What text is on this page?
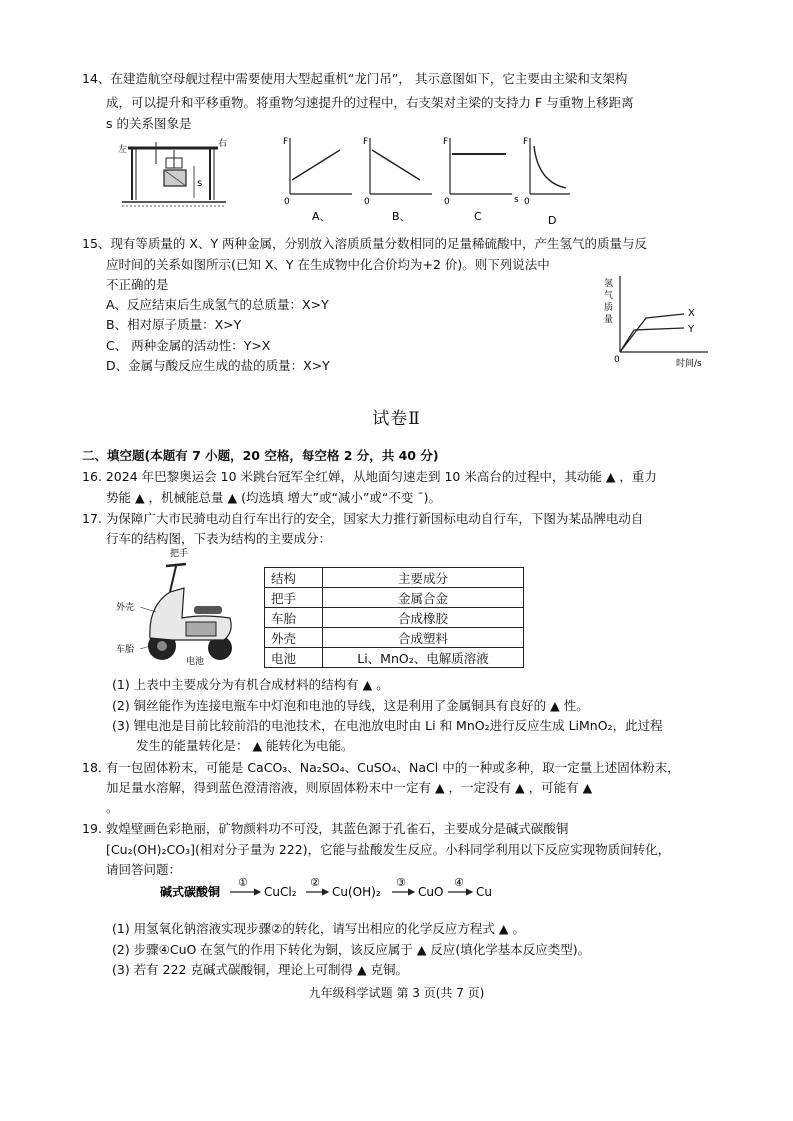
14、在建造航空母舰过程中需要使用大型起重机“龙门吊”， 其示意图如下，它主要由主梁和支架构
成，可以提升和平移重物。将重物匀速提升的过程中，右支架对主梁的支持力 F 与重物上移距离
s 的关系图象是
s
左
右	F
0
A、
F
0
B、
F
0	s
C
F
0
D
15、现有等质量的 X、Y 两种金属，分别放入溶质质量分数相同的足量稀硫酸中，产生氢气的质量与反
应时间的关系如图所示(已知 X、Y 在生成物中化合价均为+2 价)。则下列说法中
不正确的是
A、反应结束后生成氢气的总质量：X>Y
B、相对原子质量：X>Y
C、 两种金属的活动性：Y>X
D、金属与酸反应生成的盐的质量：X>Y
氢
气
质
量
X
Y
0	时间/s
试卷Ⅱ
二、填空题(本题有 7 小题，20 空格，每空格 2 分，共 40 分)
16. 2024 年巴黎奥运会 10 米跳台冠军全红婵，从地面匀速走到 10 米高台的过程中，其动能 ▲ ，重力
势能 ▲ ，机械能总量 ▲ (均选填 增大”或“减小”或“不变 ˉ)。
17. 为保障广大市民骑电动自行车出行的安全，国家大力推行新国标电动自行车，下图为某品牌电动自
行车的结构图，下表为结构的主要成分：
把手
外壳
车胎
电池
结构	主要成分
把手	金属合金
车胎	合成橡胶
外壳	合成塑料
电池	Li、MnO₂、电解质溶液
(1) 上表中主要成分为有机合成材料的结构有 ▲ 。
(2) 铜丝能作为连接电瓶车中灯泡和电池的导线，这是利用了金属铜具有良好的 ▲ 性。
(3) 锂电池是目前比较前沿的电池技术，在电池放电时由 Li 和 MnO₂进行反应生成 LiMnO₂，此过程
发生的能量转化是： ▲ 能转化为电能。
18. 有一包固体粉末，可能是 CaCO₃、Na₂SO₄、CuSO₄、NaCl 中的一种或多种，取一定量上述固体粉末，
加足量水溶解，得到蓝色澄清溶液，则原固体粉末中一定有 ▲ ，一定没有 ▲ ，可能有 ▲
。
19. 敦煌壁画色彩艳丽，矿物颜料功不可没，其蓝色源于孔雀石，主要成分是碱式碳酸铜
[Cu₂(OH)₂CO₃](相对分子量为 222)，它能与盐酸发生反应。小科同学利用以下反应实现物质间转化，
请回答问题：
碱式碳酸铜
①
CuCl₂
②
Cu(OH)₂
③
CuO
④
Cu
(1) 用氢氧化钠溶液实现步骤②的转化，请写出相应的化学反应方程式 ▲ 。
(2) 步骤④CuO 在氢气的作用下转化为铜，该反应属于 ▲ 反应(填化学基本反应类型)。
(3) 若有 222 克碱式碳酸铜，理论上可制得 ▲ 克铜。
九年级科学试题 第 3 页(共 7 页)
